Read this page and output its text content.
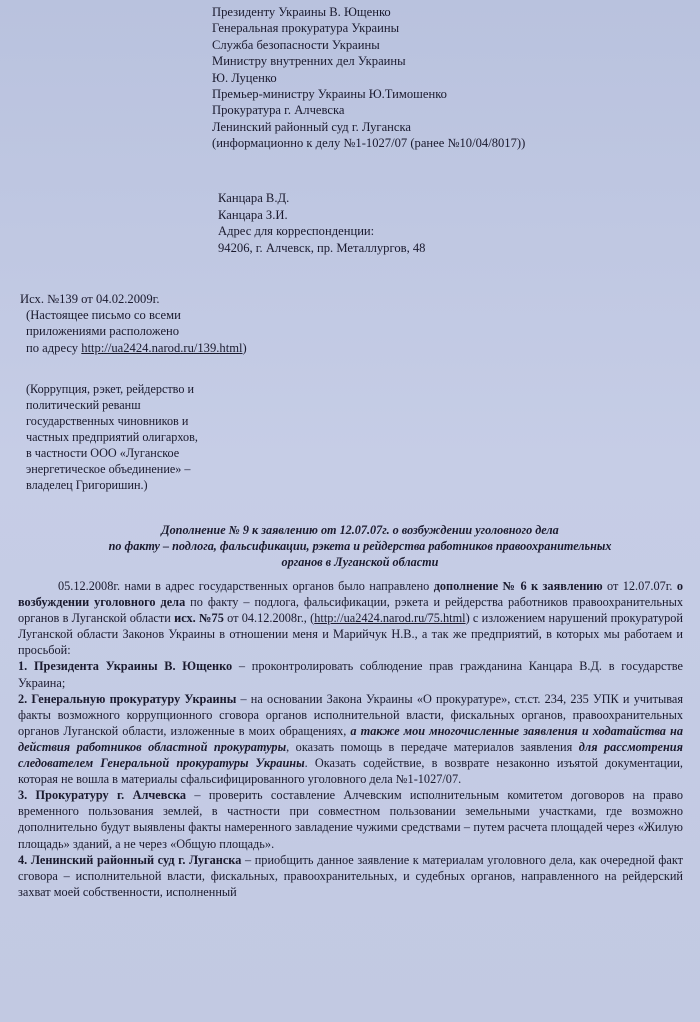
Президенту Украины В. Ющенко
Генеральная прокуратура Украины
Служба безопасности Украины
Министру внутренних дел Украины
Ю. Луценко
Премьер-министру Украины Ю.Тимошенко
Прокуратура г. Алчевска
Ленинский районный суд г. Луганска
(информационно к делу №1-1027/07 (ранее №10/04/8017))
Канцара В.Д.
Канцара З.И.
Адрес для корреспонденции:
94206, г. Алчевск, пр. Металлургов, 48
Исх. №139 от 04.02.2009г.
(Настоящее письмо со всеми
приложениями расположено
по адресу http://ua2424.narod.ru/139.html)
(Коррупция, рэкет, рейдерство и
политический реванш
государственных чиновников и
частных предприятий олигархов,
в частности ООО «Луганское
энергетическое объединение» –
владелец Григоришин.)
Дополнение № 9 к заявлению от 12.07.07г. о возбуждении уголовного дела
по факту – подлога, фальсификации, рэкета и рейдерства работников правоохранительных
органов в Луганской области

05.12.2008г. нами в адрес государственных органов было направлено дополнение № 6 к заявлению от 12.07.07г. о возбуждении уголовного дела по факту – подлога, фальсификации, рэкета и рейдерства работников правоохранительных органов в Луганской области исх. №75 от 04.12.2008г., (http://ua2424.narod.ru/75.html) с изложением нарушений прокуратурой Луганской области Законов Украины в отношении меня и Марийчук Н.В., а так же предприятий, в которых мы работаем и просьбой:

1. Президента Украины В. Ющенко – проконтролировать соблюдение прав гражданина Канцара В.Д. в государстве Украина;

2. Генеральную прокуратуру Украины – на основании Закона Украины «О прокуратуре», ст.ст. 234, 235 УПК и учитывая факты возможного коррупционного сговора органов исполнительной власти, фискальных органов, правоохранительных органов Луганской области, изложенные в моих обращениях, а также мои многочисленные заявления и ходатайства на действия работников областной прокуратуры, оказать помощь в передаче материалов заявления для рассмотрения следователем Генеральной прокуратуры Украины. Оказать содействие, в возврате незаконно изъятой документации, которая не вошла в материалы сфальсифицированного уголовного дела №1-1027/07.

3. Прокуратуру г. Алчевска – проверить составление Алчевским исполнительным комитетом договоров на право временного пользования землей, в частности при совместном пользовании земельными участками, где возможно дополнительно будут выявлены факты намеренного завладение чужими средствами – путем расчета площадей через «Жилую площадь» зданий, а не через «Общую площадь».

4. Ленинский районный суд г. Луганска – приобщить данное заявление к материалам уголовного дела, как очередной факт сговора – исполнительной власти, фискальных, правоохранительных, и судебных органов, направленного на рейдерский захват моей собственности, исполненный
